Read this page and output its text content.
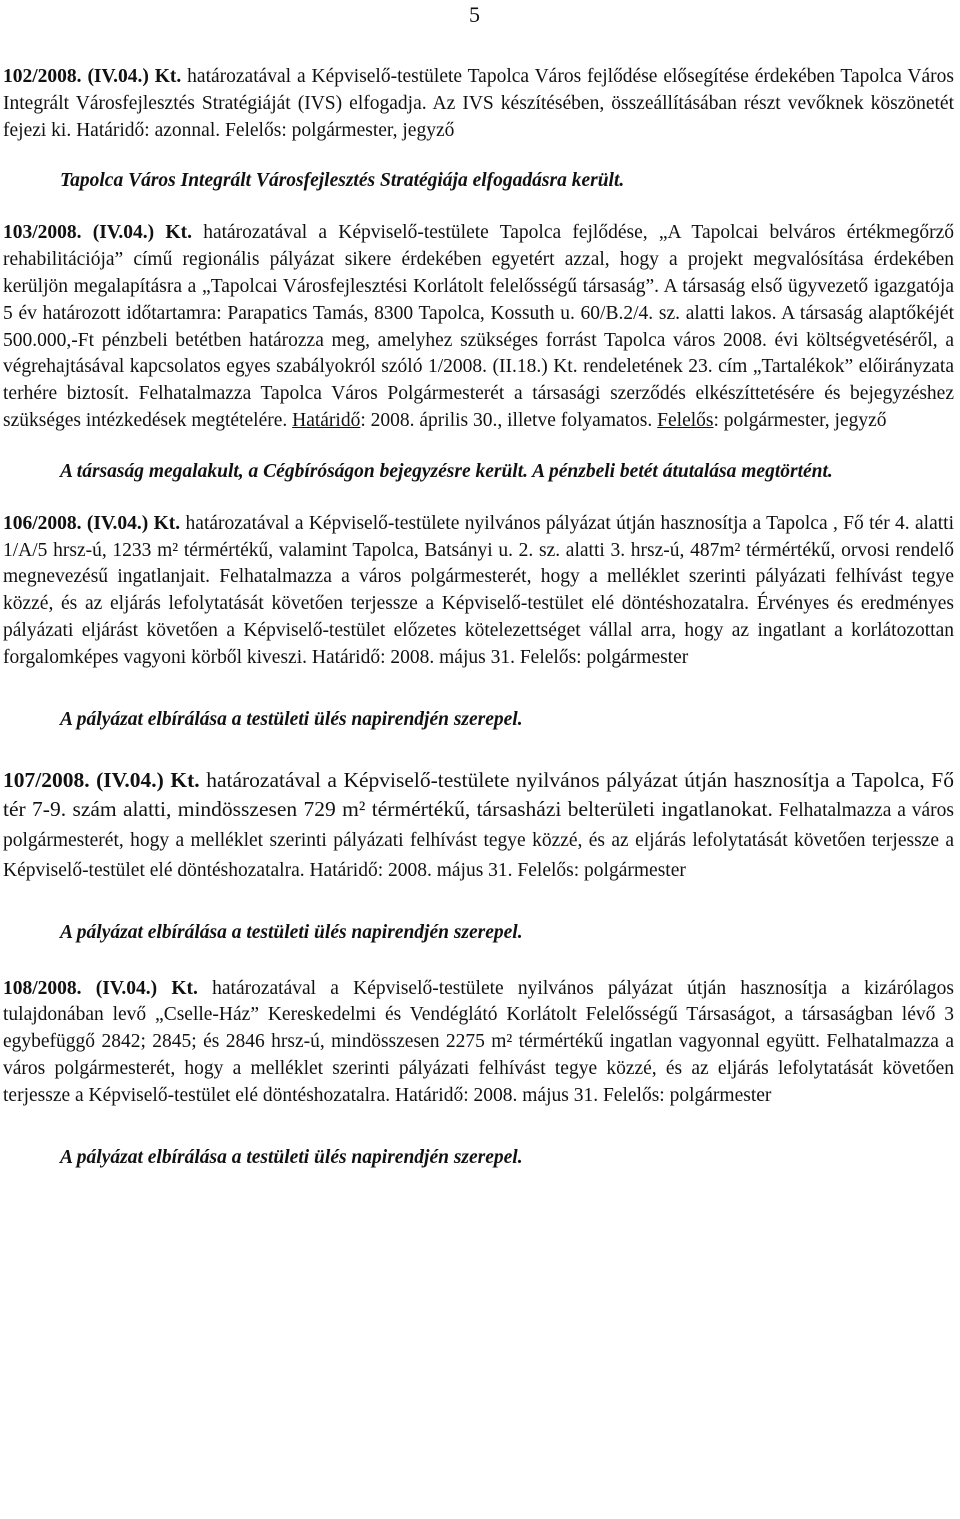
5

102/2008. (IV.04.) Kt. határozatával a Képviselő-testülete Tapolca Város fejlődése elősegítése érdekében Tapolca Város Integrált Városfejlesztés Stratégiáját (IVS) elfogadja. Az IVS készítésében, összeállításában részt vevőknek köszönetét fejezi ki. Határidő: azonnal. Felelős: polgármester, jegyző

Tapolca Város Integrált Városfejlesztés Stratégiája elfogadásra került.

103/2008. (IV.04.) Kt. határozatával a Képviselő-testülete Tapolca fejlődése, „A Tapolcai belváros értékmegőrző rehabilitációja” című regionális pályázat sikere érdekében egyetért azzal, hogy a projekt megvalósítása érdekében kerüljön megalapításra a „Tapolcai Városfejlesztési Korlátolt felelősségű társaság”. A társaság első ügyvezető igazgatója 5 év határozott időtartamra: Parapatics Tamás, 8300 Tapolca, Kossuth u. 60/B.2/4. sz. alatti lakos. A társaság alaptőkéjét 500.000,-Ft pénzbeli betétben határozza meg, amelyhez szükséges forrást Tapolca város 2008. évi költségvetéséről, a végrehajtásával kapcsolatos egyes szabályokról szóló 1/2008. (II.18.) Kt. rendeletének 23. cím „Tartalékok” előirányzata terhére biztosít. Felhatalmazza Tapolca Város Polgármesterét a társasági szerződés elkészíttetésére és bejegyzéshez szükséges intézkedések megtételére. Határidő: 2008. április 30., illetve folyamatos. Felelős: polgármester, jegyző

A társaság megalakult, a Cégbíróságon bejegyzésre került. A pénzbeli betét átutalása megtörtént.

106/2008. (IV.04.) Kt. határozatával a Képviselő-testülete nyilvános pályázat útján hasznosítja a Tapolca , Fő tér 4. alatti 1/A/5 hrsz-ú, 1233 m² térmértékű, valamint Tapolca, Batsányi u. 2. sz. alatti 3. hrsz-ú, 487m² térmértékű, orvosi rendelő megnevezésű ingatlanjait. Felhatalmazza a város polgármesterét, hogy a melléklet szerinti pályázati felhívást tegye közzé, és az eljárás lefolytatását követően terjessze a Képviselő-testület elé döntéshozatalra. Érvényes és eredményes pályázati eljárást követően a Képviselő-testület előzetes kötelezettséget vállal arra, hogy az ingatlant a korlátozottan forgalomképes vagyoni körből kiveszi. Határidő: 2008. május 31. Felelős: polgármester

A pályázat elbírálása a testületi ülés napirendjén szerepel.

107/2008. (IV.04.) Kt. határozatával a Képviselő-testülete nyilvános pályázat útján hasznosítja a Tapolca, Fő tér 7-9. szám alatti, mindösszesen 729 m² térmértékű, társasházi belterületi ingatlanokat. Felhatalmazza a város polgármesterét, hogy a melléklet szerinti pályázati felhívást tegye közzé, és az eljárás lefolytatását követően terjessze a Képviselő-testület elé döntéshozatalra. Határidő: 2008. május 31. Felelős: polgármester

A pályázat elbírálása a testületi ülés napirendjén szerepel.

108/2008. (IV.04.) Kt. határozatával a Képviselő-testülete nyilvános pályázat útján hasznosítja a kizárólagos tulajdonában levő „Cselle-Ház” Kereskedelmi és Vendéglátó Korlátolt Felelősségű Társaságot, a társaságban lévő 3 egybefüggő 2842; 2845; és 2846 hrsz-ú, mindösszesen 2275 m² térmértékű ingatlan vagyonnal együtt. Felhatalmazza a város polgármesterét, hogy a melléklet szerinti pályázati felhívást tegye közzé, és az eljárás lefolytatását követően terjessze a Képviselő-testület elé döntéshozatalra. Határidő: 2008. május 31. Felelős: polgármester

A pályázat elbírálása a testületi ülés napirendjén szerepel.
